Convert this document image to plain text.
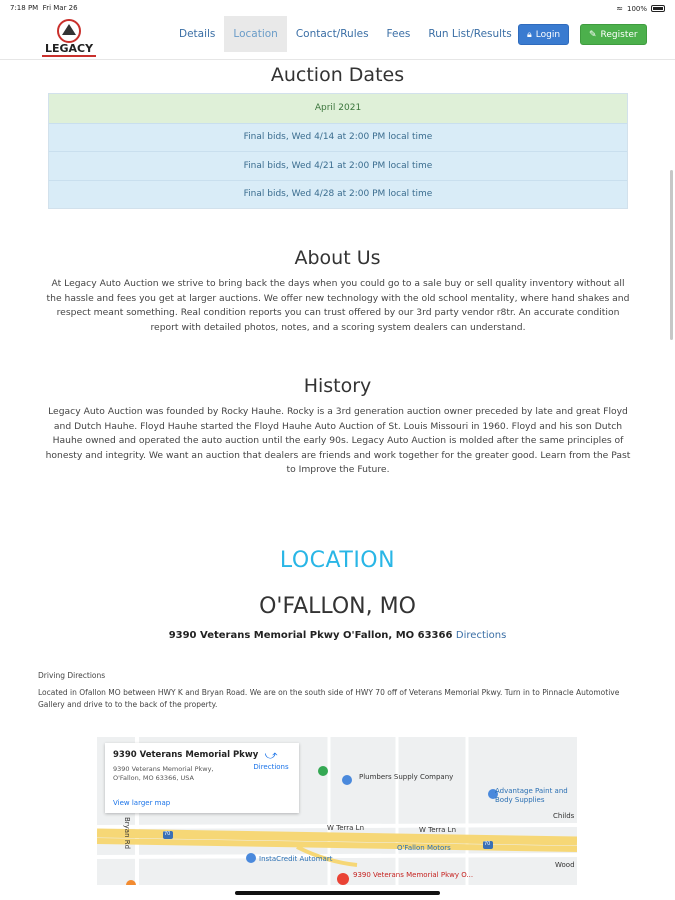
7:18 PM Fri Mar 26	≈ 100%
LEGACY
Details	Location	Contact/Rules	Fees	Run List/Results	🔒︎ Login	✎ Register
Auction Dates
April 2021
Final bids, Wed 4/14 at 2:00 PM local time
Final bids, Wed 4/21 at 2:00 PM local time
Final bids, Wed 4/28 at 2:00 PM local time
About Us
At Legacy Auto Auction we strive to bring back the days when you could go to a sale buy or sell quality inventory without all the hassle and fees you get at larger auctions. We offer new technology with the old school mentality, where hand shakes and respect meant something. Real condition reports you can trust offered by our 3rd party vendor r8tr. An accurate condition report with detailed photos, notes, and a scoring system dealers can understand.
History
Legacy Auto Auction was founded by Rocky Hauhe. Rocky is a 3rd generation auction owner preceded by late and great Floyd and Dutch Hauhe. Floyd Hauhe started the Floyd Hauhe Auto Auction of St. Louis Missouri in 1960. Floyd and his son Dutch Hauhe owned and operated the auto auction until the early 90s. Legacy Auto Auction is molded after the same principles of honesty and integrity. We want an auction that dealers are friends and work together for the greater good. Learn from the Past to Improve the Future.
LOCATION
O'FALLON, MO
9390 Veterans Memorial Pkwy O'Fallon, MO 63366 Directions
Driving Directions
Located in Ofallon MO between HWY K and Bryan Road. We are on the south side of HWY 70 off of Veterans Memorial Pkwy. Turn in to Pinnacle Automotive Gallery and drive to to the back of the property.
Plumbers Supply Company
Advantage Paint and Body Supplies
W Terra Ln	W Terra Ln
O'Fallon Motors
InstaCredit Automart
9390 Veterans Memorial Pkwy O...
Bryan Rd
Childs
Wood
70
70
9390 Veterans Memorial Pkwy
9390 Veterans Memorial Pkwy,
O'Fallon, MO 63366, USA
View larger map
⤻
Directions
